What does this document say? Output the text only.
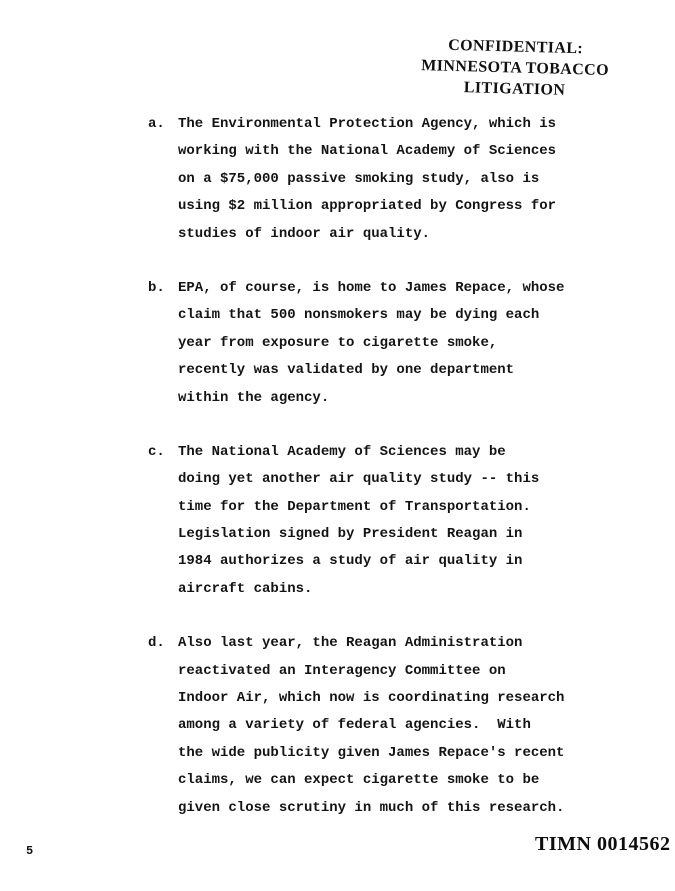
CONFIDENTIAL:
MINNESOTA TOBACCO LITIGATION
a. The Environmental Protection Agency, which is
working with the National Academy of Sciences
on a $75,000 passive smoking study, also is
using $2 million appropriated by Congress for
studies of indoor air quality.
b. EPA, of course, is home to James Repace, whose
claim that 500 nonsmokers may be dying each
year from exposure to cigarette smoke,
recently was validated by one department
within the agency.
c. The National Academy of Sciences may be
doing yet another air quality study -- this
time for the Department of Transportation.
Legislation signed by President Reagan in
1984 authorizes a study of air quality in
aircraft cabins.
d. Also last year, the Reagan Administration
reactivated an Interagency Committee on
Indoor Air, which now is coordinating research
among a variety of federal agencies.  With
the wide publicity given James Repace's recent
claims, we can expect cigarette smoke to be
given close scrutiny in much of this research.
5	TIMN 0014562
